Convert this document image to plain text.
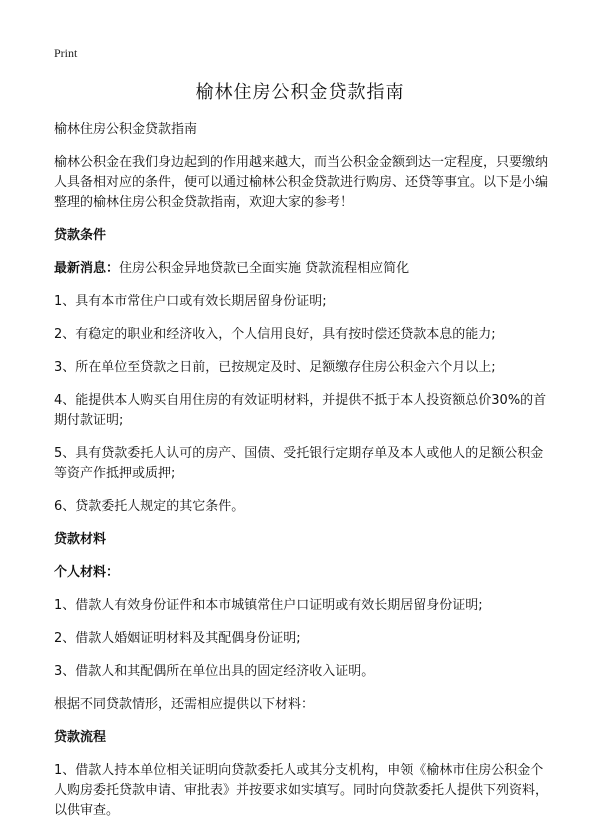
Print
榆林住房公积金贷款指南

榆林住房公积金贷款指南

榆林公积金在我们身边起到的作用越来越大，而当公积金金额到达一定程度，只要缴纳人具备相对应的条件，便可以通过榆林公积金贷款进行购房、还贷等事宜。以下是小编整理的榆林住房公积金贷款指南，欢迎大家的参考！

贷款条件

最新消息：住房公积金异地贷款已全面实施 贷款流程相应简化

1、具有本市常住户口或有效长期居留身份证明;

2、有稳定的职业和经济收入，个人信用良好，具有按时偿还贷款本息的能力;

3、所在单位至贷款之日前，已按规定及时、足额缴存住房公积金六个月以上;

4、能提供本人购买自用住房的有效证明材料，并提供不抵于本人投资额总价30%的首期付款证明;

5、具有贷款委托人认可的房产、国债、受托银行定期存单及本人或他人的足额公积金等资产作抵押或质押;

6、贷款委托人规定的其它条件。

贷款材料

个人材料：

1、借款人有效身份证件和本市城镇常住户口证明或有效长期居留身份证明;

2、借款人婚姻证明材料及其配偶身份证明;

3、借款人和其配偶所在单位出具的固定经济收入证明。

根据不同贷款情形，还需相应提供以下材料：

贷款流程

1、借款人持本单位相关证明向贷款委托人或其分支机构，申领《榆林市住房公积金个人购房委托贷款申请、审批表》并按要求如实填写。同时向贷款委托人提供下列资料，以供审查。
